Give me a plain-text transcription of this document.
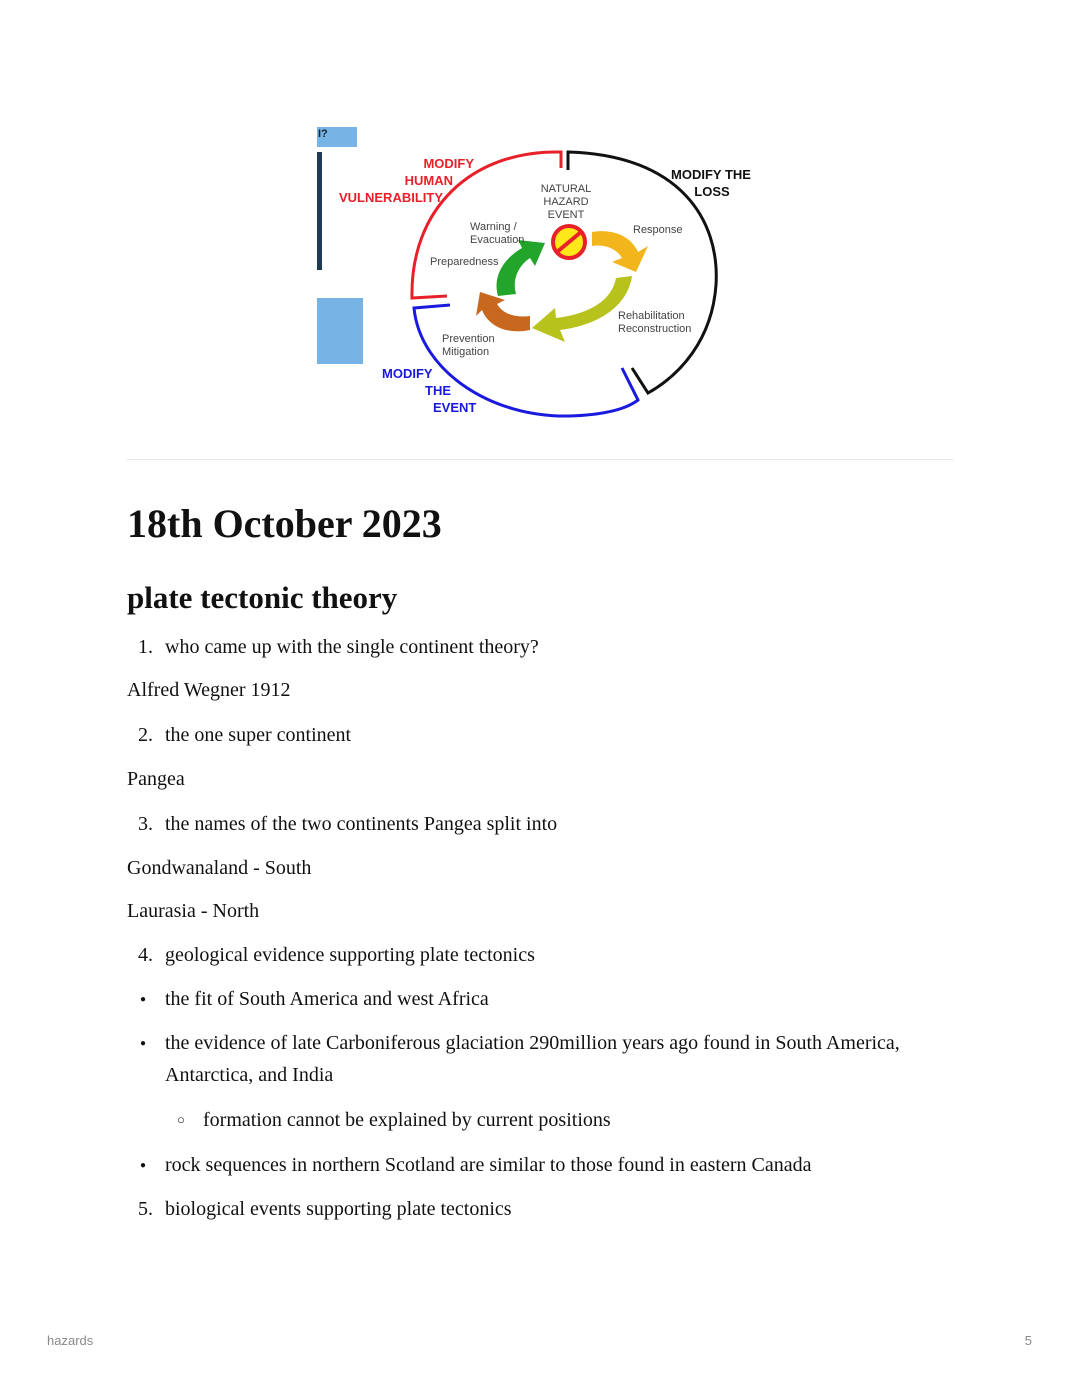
I?
MODIFY
HUMAN
VULNERABILITY
MODIFY THE
LOSS
MODIFY
THE
EVENT
NATURAL
HAZARD
EVENT
Warning /
Evacuation
Preparedness
Response
Rehabilitation
Reconstruction
Prevention
Mitigation
18th October 2023
plate tectonic theory
1. who came up with the single continent theory?
Alfred Wegner 1912
2. the one super continent
Pangea
3. the names of the two continents Pangea split into
Gondwanaland - South
Laurasia - North
4. geological evidence supporting plate tectonics
● the fit of South America and west Africa
● the evidence of late Carboniferous glaciation 290million years ago found in South America,
Antarctica, and India
○ formation cannot be explained by current positions
● rock sequences in northern Scotland are similar to those found in eastern Canada
5. biological events supporting plate tectonics
hazards	5
